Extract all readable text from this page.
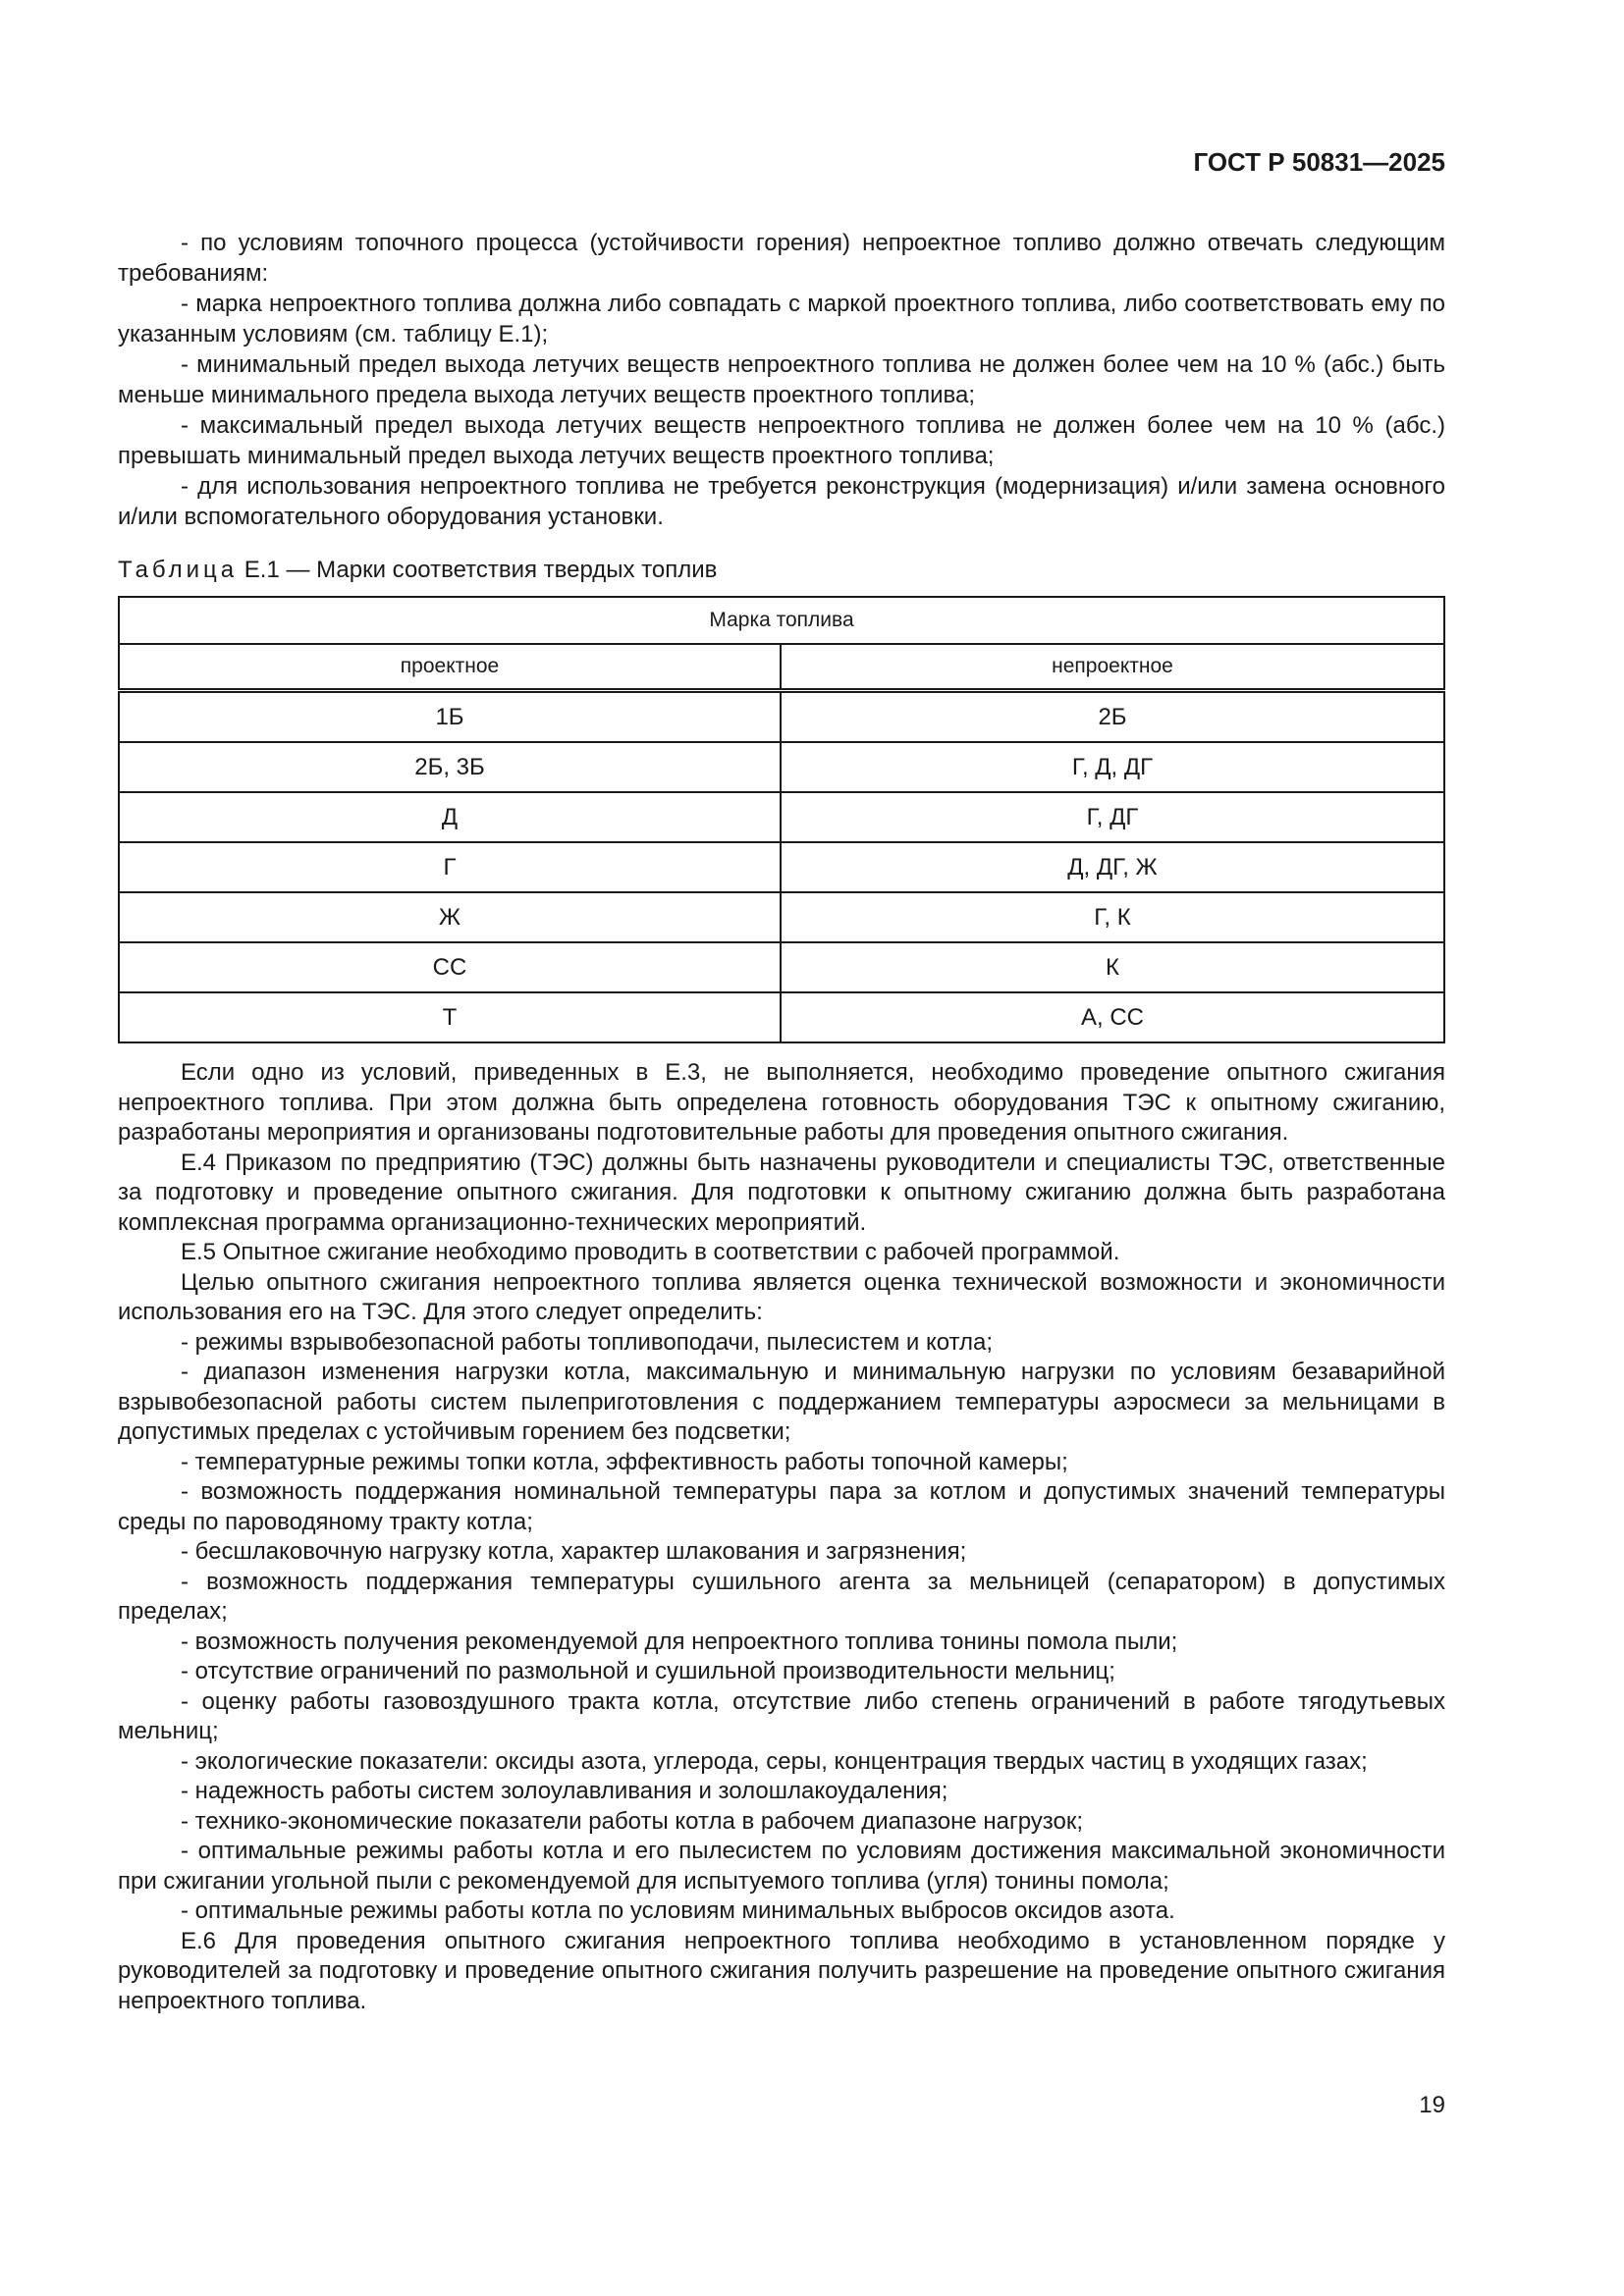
ГОСТ Р 50831—2025

- по условиям топочного процесса (устойчивости горения) непроектное топливо должно отвечать следующим требованиям:

- марка непроектного топлива должна либо совпадать с маркой проектного топлива, либо соответствовать ему по указанным условиям (см. таблицу Е.1);

- минимальный предел выхода летучих веществ непроектного топлива не должен более чем на 10 % (абс.) быть меньше минимального предела выхода летучих веществ проектного топлива;

- максимальный предел выхода летучих веществ непроектного топлива не должен более чем на 10 % (абс.) превышать минимальный предел выхода летучих веществ проектного топлива;

- для использования непроектного топлива не требуется реконструкция (модернизация) и/или замена основного и/или вспомогательного оборудования установки.

Таблица Е.1 — Марки соответствия твердых топлив
Марка топлива	
проектное	непроектное
1Б	2Б
2Б, 3Б	Г, Д, ДГ
Д	Г, ДГ
Г	Д, ДГ, Ж
Ж	Г, К
СС	К
Т	А, СС

Если одно из условий, приведенных в Е.3, не выполняется, необходимо проведение опытного сжигания непроектного топлива. При этом должна быть определена готовность оборудования ТЭС к опытному сжиганию, разработаны мероприятия и организованы подготовительные работы для проведения опытного сжигания.

Е.4 Приказом по предприятию (ТЭС) должны быть назначены руководители и специалисты ТЭС, ответственные за подготовку и проведение опытного сжигания. Для подготовки к опытному сжиганию должна быть разработана комплексная программа организационно-технических мероприятий.

Е.5 Опытное сжигание необходимо проводить в соответствии с рабочей программой.

Целью опытного сжигания непроектного топлива является оценка технической возможности и экономичности использования его на ТЭС. Для этого следует определить:

- режимы взрывобезопасной работы топливоподачи, пылесистем и котла;

- диапазон изменения нагрузки котла, максимальную и минимальную нагрузки по условиям безаварийной взрывобезопасной работы систем пылеприготовления с поддержанием температуры аэросмеси за мельницами в допустимых пределах с устойчивым горением без подсветки;

- температурные режимы топки котла, эффективность работы топочной камеры;

- возможность поддержания номинальной температуры пара за котлом и допустимых значений температуры среды по пароводяному тракту котла;

- бесшлаковочную нагрузку котла, характер шлакования и загрязнения;

- возможность поддержания температуры сушильного агента за мельницей (сепаратором) в допустимых пределах;

- возможность получения рекомендуемой для непроектного топлива тонины помола пыли;

- отсутствие ограничений по размольной и сушильной производительности мельниц;

- оценку работы газовоздушного тракта котла, отсутствие либо степень ограничений в работе тягодутьевых мельниц;

- экологические показатели: оксиды азота, углерода, серы, концентрация твердых частиц в уходящих газах;

- надежность работы систем золоулавливания и золошлакоудаления;

- технико-экономические показатели работы котла в рабочем диапазоне нагрузок;

- оптимальные режимы работы котла и его пылесистем по условиям достижения максимальной экономичности при сжигании угольной пыли с рекомендуемой для испытуемого топлива (угля) тонины помола;

- оптимальные режимы работы котла по условиям минимальных выбросов оксидов азота.

Е.6 Для проведения опытного сжигания непроектного топлива необходимо в установленном порядке у руководителей за подготовку и проведение опытного сжигания получить разрешение на проведение опытного сжигания непроектного топлива.

19
